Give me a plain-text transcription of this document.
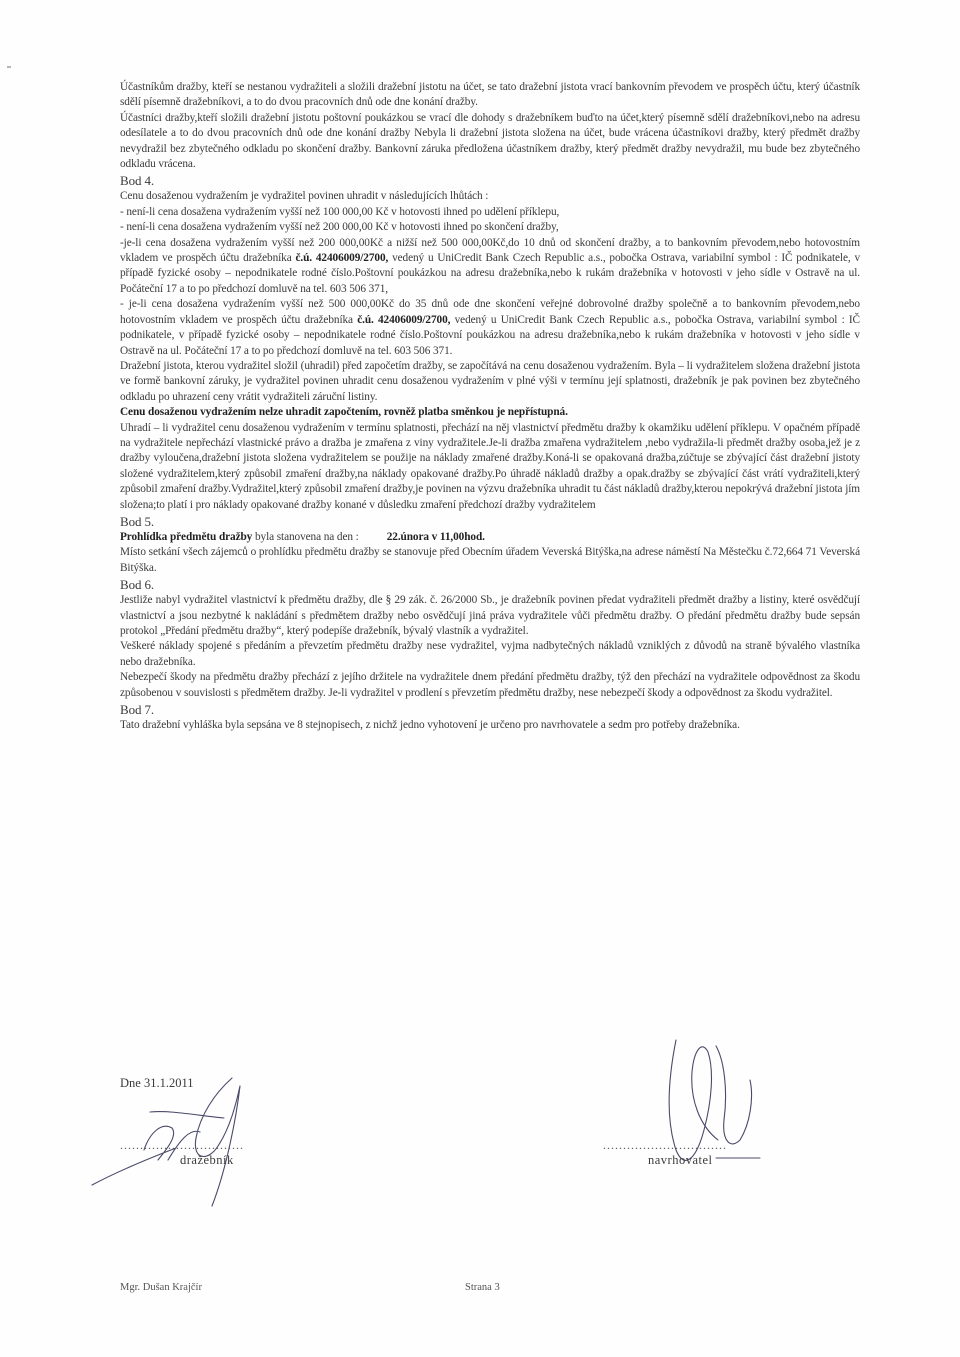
Účastníkům dražby, kteří se nestanou vydražiteli a složili dražební jistotu na účet, se tato dražební jistota vrací bankovním převodem ve prospěch účtu, který účastník sdělí písemně dražebníkovi, a to do dvou pracovních dnů ode dne konání dražby.

Účastníci dražby,kteří složili dražební jistotu poštovní poukázkou se vrací dle dohody s dražebníkem buďto na účet,který písemně sdělí dražebníkovi,nebo na adresu odesílatele a to do dvou pracovních dnů ode dne konání dražby Nebyla li dražební jistota složena na účet, bude vrácena účastníkovi dražby, který předmět dražby nevydražil bez zbytečného odkladu po skončení dražby. Bankovní záruka předložena účastníkem dražby, který předmět dražby nevydražil, mu bude bez zbytečného odkladu vrácena.

Bod 4.

Cenu dosaženou vydražením je vydražitel povinen uhradit v následujících lhůtách :

- není-li cena dosažena vydražením vyšší než 100 000,00 Kč v hotovosti ihned po udělení příklepu,

- není-li cena dosažena vydražením vyšší než 200 000,00 Kč v hotovosti ihned po skončení dražby,

-je-li cena dosažena vydražením vyšší než 200 000,00Kč a nižší než 500 000,00Kč,do 10 dnů od skončení dražby, a to bankovním převodem,nebo hotovostním vkladem ve prospěch účtu dražebníka č.ú. 42406009/2700, vedený u UniCredit Bank Czech Republic a.s., pobočka Ostrava, variabilní symbol : IČ podnikatele, v případě fyzické osoby – nepodnikatele rodné číslo.Poštovní poukázkou na adresu dražebníka,nebo k rukám dražebníka v hotovosti v jeho sídle v Ostravě na ul. Počáteční 17 a to po předchozí domluvě na tel. 603 506 371,

- je-li cena dosažena vydražením vyšší než 500 000,00Kč do 35 dnů ode dne skončení veřejné dobrovolné dražby společně a to bankovním převodem,nebo hotovostním vkladem ve prospěch účtu dražebníka č.ú. 42406009/2700, vedený u UniCredit Bank Czech Republic a.s., pobočka Ostrava, variabilní symbol : IČ podnikatele, v případě fyzické osoby – nepodnikatele rodné číslo.Poštovní poukázkou na adresu dražebníka,nebo k rukám dražebníka v hotovosti v jeho sídle v Ostravě na ul. Počáteční 17 a to po předchozí domluvě na tel. 603 506 371.

Dražební jistota, kterou vydražitel složil (uhradil) před započetím dražby, se započítává na cenu dosaženou vydražením. Byla – li vydražitelem složena dražební jistota ve formě bankovní záruky, je vydražitel povinen uhradit cenu dosaženou vydražením v plné výši v termínu její splatnosti, dražebník je pak povinen bez zbytečného odkladu po uhrazení ceny vrátit vydražiteli záruční listiny.

Cenu dosaženou vydražením nelze uhradit započtením, rovněž platba směnkou je nepřístupná.

Uhradí – li vydražitel cenu dosaženou vydražením v termínu splatnosti, přechází na něj vlastnictví předmětu dražby k okamžiku udělení příklepu. V opačném případě na vydražitele nepřechází vlastnické právo a dražba je zmařena z viny vydražitele.Je-li dražba zmařena vydražitelem ,nebo vydražila-li předmět dražby osoba,jež je z dražby vyloučena,dražební jistota složena vydražitelem se použije na náklady zmařené dražby.Koná-li se opakovaná dražba,zúčtuje se zbývající část dražební jistoty složené vydražitelem,který způsobil zmaření dražby,na náklady opakované dražby.Po úhradě nákladů dražby a opak.dražby se zbývající část vrátí vydražiteli,který způsobil zmaření dražby.Vydražitel,který způsobil zmaření dražby,je povinen na výzvu dražebníka uhradit tu část nákladů dražby,kterou nepokrývá dražební jistota jím složena;to platí i pro náklady opakované dražby konané v důsledku zmaření předchozí dražby vydražitelem

Bod 5.

Prohlídka předmětu dražby byla stanovena na den : 22.února v 11,00hod.

Místo setkání všech zájemců o prohlídku předmětu dražby se stanovuje před Obecním úřadem Veverská Bitýška,na adrese náměstí Na Městečku č.72,664 71 Veverská Bitýška.

Bod 6.

Jestliže nabyl vydražitel vlastnictví k předmětu dražby, dle § 29 zák. č. 26/2000 Sb., je dražebník povinen předat vydražiteli předmět dražby a listiny, které osvědčují vlastnictví a jsou nezbytné k nakládání s předmětem dražby nebo osvědčují jiná práva vydražitele vůči předmětu dražby. O předání předmětu dražby bude sepsán protokol „Předání předmětu dražby“, který podepíše dražebník, bývalý vlastník a vydražitel.

Veškeré náklady spojené s předáním a převzetím předmětu dražby nese vydražitel, vyjma nadbytečných nákladů vzniklých z důvodů na straně bývalého vlastníka nebo dražebníka.

Nebezpečí škody na předmětu dražby přechází z jejího držitele na vydražitele dnem předání předmětu dražby, týž den přechází na vydražitele odpovědnost za škodu způsobenou v souvislosti s předmětem dražby. Je-li vydražitel v prodlení s převzetím předmětu dražby, nese nebezpečí škody a odpovědnost za škodu vydražitel.

Bod 7.

Tato dražební vyhláška byla sepsána ve 8 stejnopisech, z nichž jedno vyhotovení je určeno pro navrhovatele a sedm pro potřeby dražebníka.

Dne 31.1.2011
...............................	...............................
dražebník	navrhovatel
Mgr. Dušan Krajčír	Strana 3
